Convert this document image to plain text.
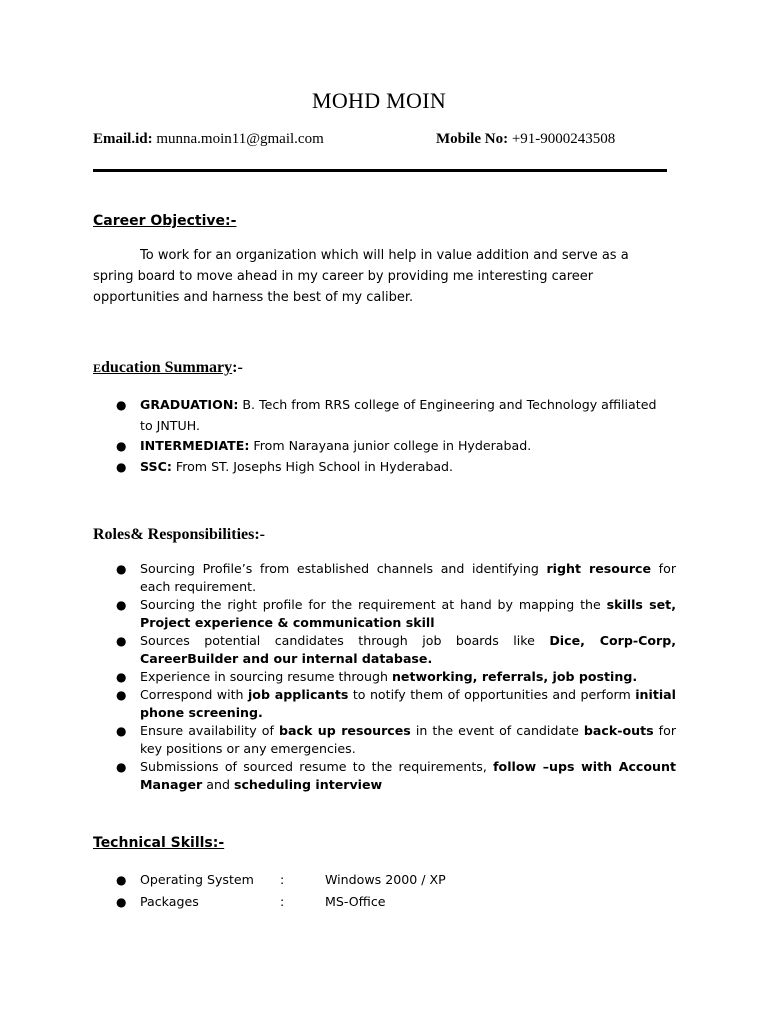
MOHD MOIN
Email.id: munna.moin11@gmail.com	Mobile No: +91-9000243508
Career Objective:-

To work for an organization which will help in value addition and serve as a spring board to move ahead in my career by providing me interesting career opportunities and harness the best of my caliber.

Education Summary:-
● GRADUATION: B. Tech from RRS college of Engineering and Technology affiliated to JNTUH.
● INTERMEDIATE: From Narayana junior college in Hyderabad.
● SSC: From ST. Josephs High School in Hyderabad.
Roles& Responsibilities:-
● Sourcing Profile’s from established channels and identifying right resource for each requirement.
● Sourcing the right profile for the requirement at hand by mapping the skills set, Project experience & communication skill
● Sources potential candidates through job boards like Dice, Corp-Corp, CareerBuilder and our internal database.
● Experience in sourcing resume through networking, referrals, job posting.
● Correspond with job applicants to notify them of opportunities and perform initial phone screening.
● Ensure availability of back up resources in the event of candidate back-outs for key positions or any emergencies.
● Submissions of sourced resume to the requirements, follow –ups with Account Manager and scheduling interview
Technical Skills:-
● Operating System :	Windows 2000 / XP
● Packages	:	MS-Office
